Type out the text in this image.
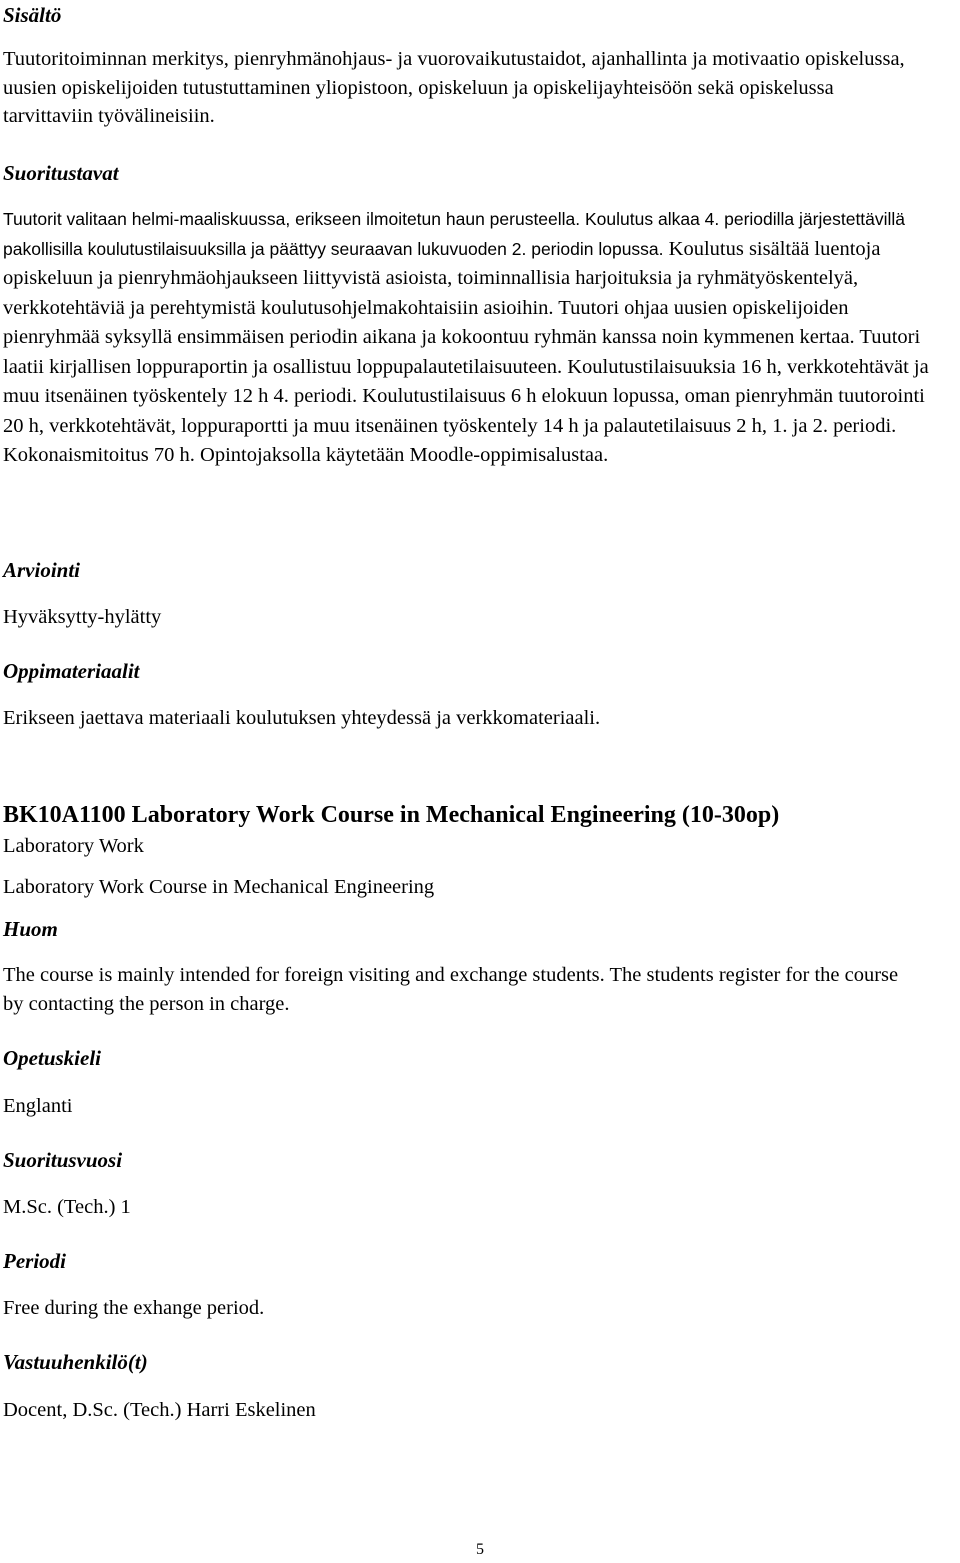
Sisältö

Tuutoritoiminnan merkitys, pienryhmänohjaus- ja vuorovaikutustaidot, ajanhallinta ja motivaatio opiskelussa, uusien opiskelijoiden tutustuttaminen yliopistoon, opiskeluun ja opiskelijayhteisöön sekä opiskelussa tarvittaviin työvälineisiin.

Suoritustavat

Tuutorit valitaan helmi-maaliskuussa, erikseen ilmoitetun haun perusteella. Koulutus alkaa 4. periodilla järjestettävillä pakollisilla koulutustilaisuuksilla ja päättyy seuraavan lukuvuoden 2. periodin lopussa. Koulutus sisältää luentoja opiskeluun ja pienryhmäohjaukseen liittyvistä asioista, toiminnallisia harjoituksia ja ryhmätyöskentelyä, verkkotehtäviä ja perehtymistä koulutusohjelmakohtaisiin asioihin. Tuutori ohjaa uusien opiskelijoiden pienryhmää syksyllä ensimmäisen periodin aikana ja kokoontuu ryhmän kanssa noin kymmenen kertaa. Tuutori laatii kirjallisen loppuraportin ja osallistuu loppupalautetilaisuuteen. Koulutustilaisuuksia 16 h, verkkotehtävät ja muu itsenäinen työskentely 12 h 4. periodi. Koulutustilaisuus 6 h elokuun lopussa, oman pienryhmän tuutorointi 20 h, verkkotehtävät, loppuraportti ja muu itsenäinen työskentely 14 h ja palautetilaisuus 2 h, 1. ja 2. periodi. Kokonaismitoitus 70 h. Opintojaksolla käytetään Moodle-oppimisalustaa.

Arviointi

Hyväksytty-hylätty

Oppimateriaalit

Erikseen jaettava materiaali koulutuksen yhteydessä ja verkkomateriaali.

BK10A1100 Laboratory Work Course in Mechanical Engineering (10-30op)

Laboratory Work

Laboratory Work Course in Mechanical Engineering

Huom

The course is mainly intended for foreign visiting and exchange students. The students register for the course by contacting the person in charge.

Opetuskieli

Englanti

Suoritusvuosi

M.Sc. (Tech.) 1

Periodi

Free during the exhange period.

Vastuuhenkilö(t)

Docent, D.Sc. (Tech.) Harri Eskelinen

5
